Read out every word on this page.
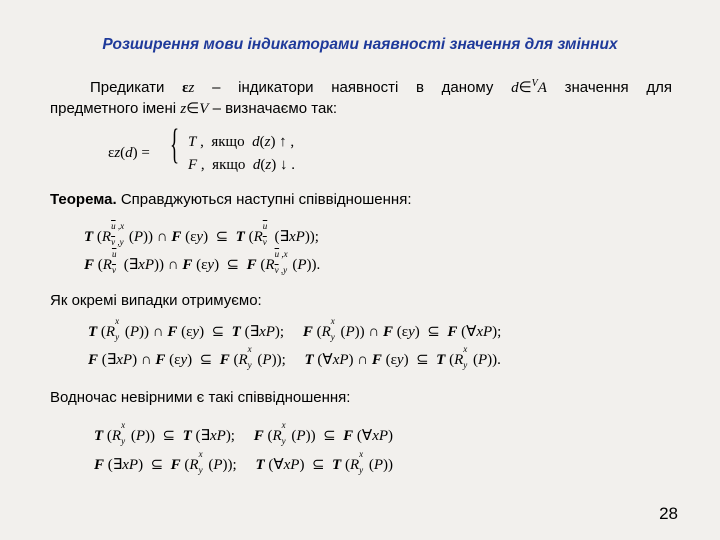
Розширення мови індикаторами наявності значення для змінних
Предикати εz – індикатори наявності в даному d∈$^V$A значення для
предметного імені z∈V – визначаємо так:
εz(d) = { T ,  якщо  d(z) ↑ ,
F ,  якщо  d(z) ↓ .
Теорема. Справджуються наступні співвідношення:
T (R
$\overline{u}$ ,x
$\overline{v}$ ,y (P)) ∩ F (εy)  ⊆  T ($R \frac{\overline{u}}{v}$ (∃xP));
F ($R \frac{\overline{u}}{v}$ (∃xP)) ∩ F (εy)  ⊆  F (R
$\overline{u}$ ,x
$\overline{v}$ ,y (P)).
Як окремі випадки отримуємо:
T (R
x
y (P)) ∩ F (εy)  ⊆  T (∃xP);     F (R
x
y (P)) ∩ F (εy)  ⊆  F (∀xP);
F (∃xP) ∩ F (εy)  ⊆  F (R
x
y (P));     T (∀xP) ∩ F (εy)  ⊆  T (R
x
y (P)).
Водночас невірними є такі співвідношення:
T (R
x
y (P))  ⊆  T (∃xP);     F (R
x
y (P))  ⊆  F (∀xP)
F (∃xP)  ⊆  F (R
x
y (P));     T (∀xP)  ⊆  T (R
x
y (P))
28
